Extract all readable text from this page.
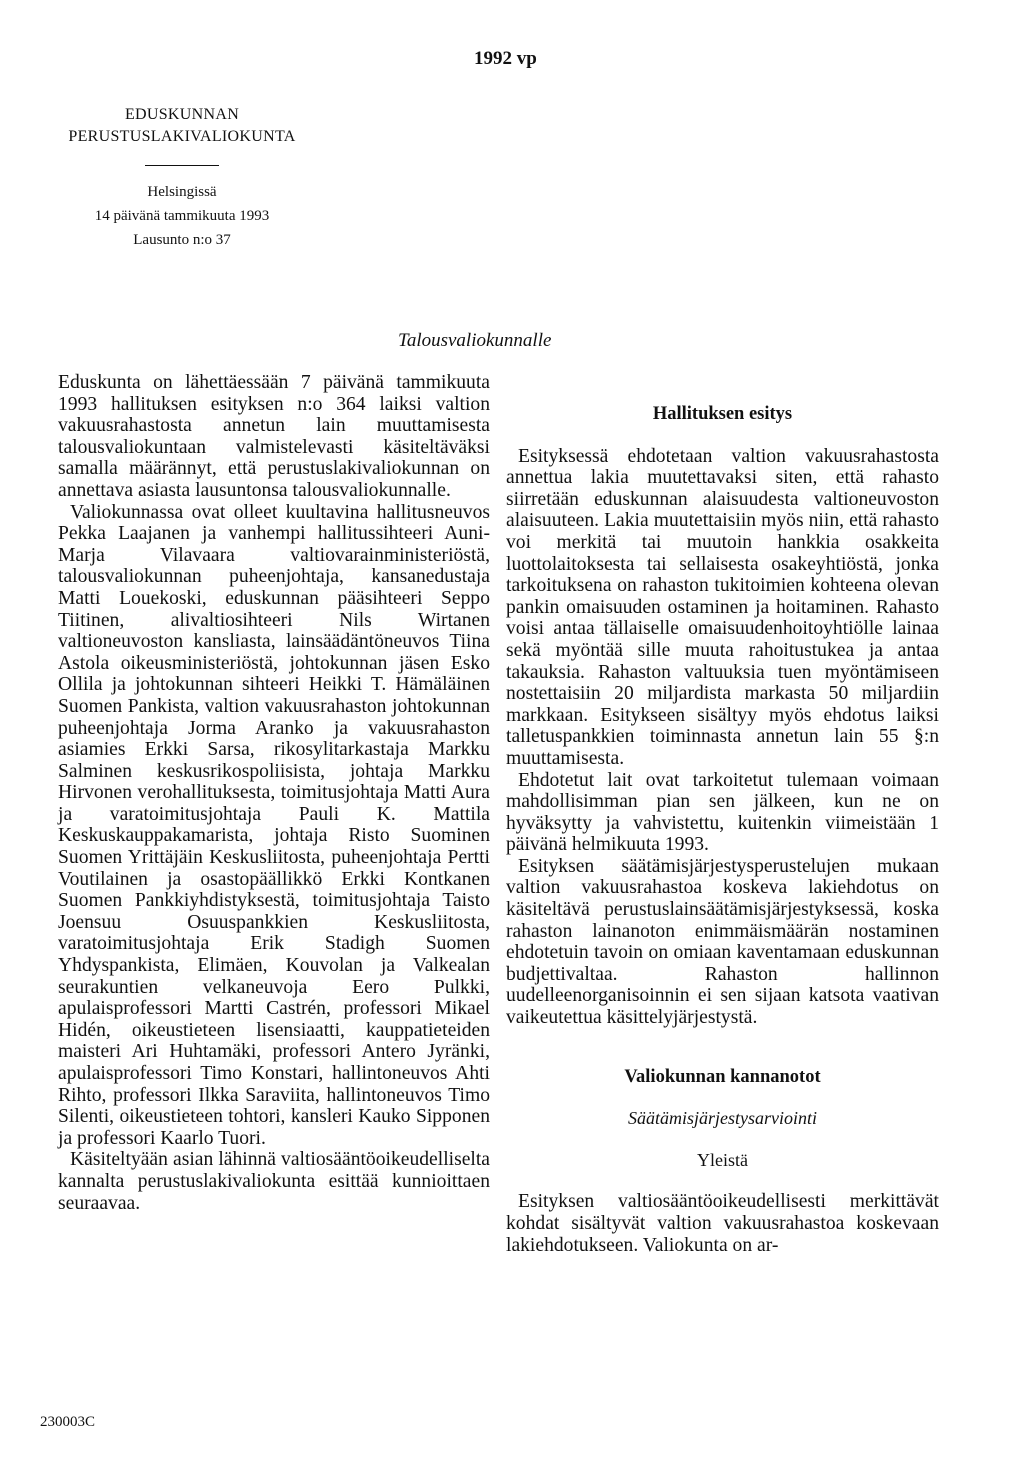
1992 vp
EDUSKUNNAN
PERUSTUSLAKIVALIOKUNTA
Helsingissä
14 päivänä tammikuuta 1993
Lausunto n:o 37
Talousvaliokunnalle

Eduskunta on lähettäessään 7 päivänä tammikuuta 1993 hallituksen esityksen n:o 364 laiksi valtion vakuusrahastosta annetun lain muuttamisesta talousvaliokuntaan valmistelevasti käsiteltäväksi samalla määrännyt, että perustuslakivaliokunnan on annettava asiasta lausuntonsa talousvaliokunnalle.

Valiokunnassa ovat olleet kuultavina hallitusneuvos Pekka Laajanen ja vanhempi hallitussihteeri Auni-Marja Vilavaara valtiovarainministeriöstä, talousvaliokunnan puheenjohtaja, kansanedustaja Matti Louekoski, eduskunnan pääsihteeri Seppo Tiitinen, alivaltiosihteeri Nils Wirtanen valtioneuvoston kansliasta, lainsäädäntöneuvos Tiina Astola oikeusministeriöstä, johtokunnan jäsen Esko Ollila ja johtokunnan sihteeri Heikki T. Hämäläinen Suomen Pankista, valtion vakuusrahaston johtokunnan puheenjohtaja Jorma Aranko ja vakuusrahaston asiamies Erkki Sarsa, rikosylitarkastaja Markku Salminen keskusrikospoliisista, johtaja Markku Hirvonen verohallituksesta, toimitusjohtaja Matti Aura ja varatoimitusjohtaja Pauli K. Mattila Keskuskauppakamarista, johtaja Risto Suominen Suomen Yrittäjäin Keskusliitosta, puheenjohtaja Pertti Voutilainen ja osastopäällikkö Erkki Kontkanen Suomen Pankkiyhdistyksestä, toimitusjohtaja Taisto Joensuu Osuuspankkien Keskusliitosta, varatoimitusjohtaja Erik Stadigh Suomen Yhdyspankista, Elimäen, Kouvolan ja Valkealan seurakuntien velkaneuvoja Eero Pulkki, apulaisprofessori Martti Castrén, professori Mikael Hidén, oikeustieteen lisensiaatti, kauppatieteiden maisteri Ari Huhtamäki, professori Antero Jyränki, apulaisprofessori Timo Konstari, hallintoneuvos Ahti Rihto, professori Ilkka Saraviita, hallintoneuvos Timo Silenti, oikeustieteen tohtori, kansleri Kauko Sipponen ja professori Kaarlo Tuori.

Käsiteltyään asian lähinnä valtiosääntöoikeudelliselta kannalta perustuslakivaliokunta esittää kunnioittaen seuraavaa.

Hallituksen esitys

Esityksessä ehdotetaan valtion vakuusrahastosta annettua lakia muutettavaksi siten, että rahasto siirretään eduskunnan alaisuudesta valtioneuvoston alaisuuteen. Lakia muutettaisiin myös niin, että rahasto voi merkitä tai muutoin hankkia osakkeita luottolaitoksesta tai sellaisesta osakeyhtiöstä, jonka tarkoituksena on rahaston tukitoimien kohteena olevan pankin omaisuuden ostaminen ja hoitaminen. Rahasto voisi antaa tällaiselle omaisuudenhoitoyhtiölle lainaa sekä myöntää sille muuta rahoitustukea ja antaa takauksia. Rahaston valtuuksia tuen myöntämiseen nostettaisiin 20 miljardista markasta 50 miljardiin markkaan. Esitykseen sisältyy myös ehdotus laiksi talletuspankkien toiminnasta annetun lain 55 §:n muuttamisesta.

Ehdotetut lait ovat tarkoitetut tulemaan voimaan mahdollisimman pian sen jälkeen, kun ne on hyväksytty ja vahvistettu, kuitenkin viimeistään 1 päivänä helmikuuta 1993.

Esityksen säätämisjärjestysperustelujen mukaan valtion vakuusrahastoa koskeva lakiehdotus on käsiteltävä perustuslainsäätämisjärjestyksessä, koska rahaston lainanoton enimmäismäärän nostaminen ehdotetuin tavoin on omiaan kaventamaan eduskunnan budjettivaltaa. Rahaston hallinnon uudelleenorganisoinnin ei sen sijaan katsota vaativan vaikeutettua käsittelyjärjestystä.

Valiokunnan kannanotot
Säätämisjärjestysarviointi
Yleistä

Esityksen valtiosääntöoikeudellisesti merkittävät kohdat sisältyvät valtion vakuusrahastoa koskevaan lakiehdotukseen. Valiokunta on ar-

230003C
